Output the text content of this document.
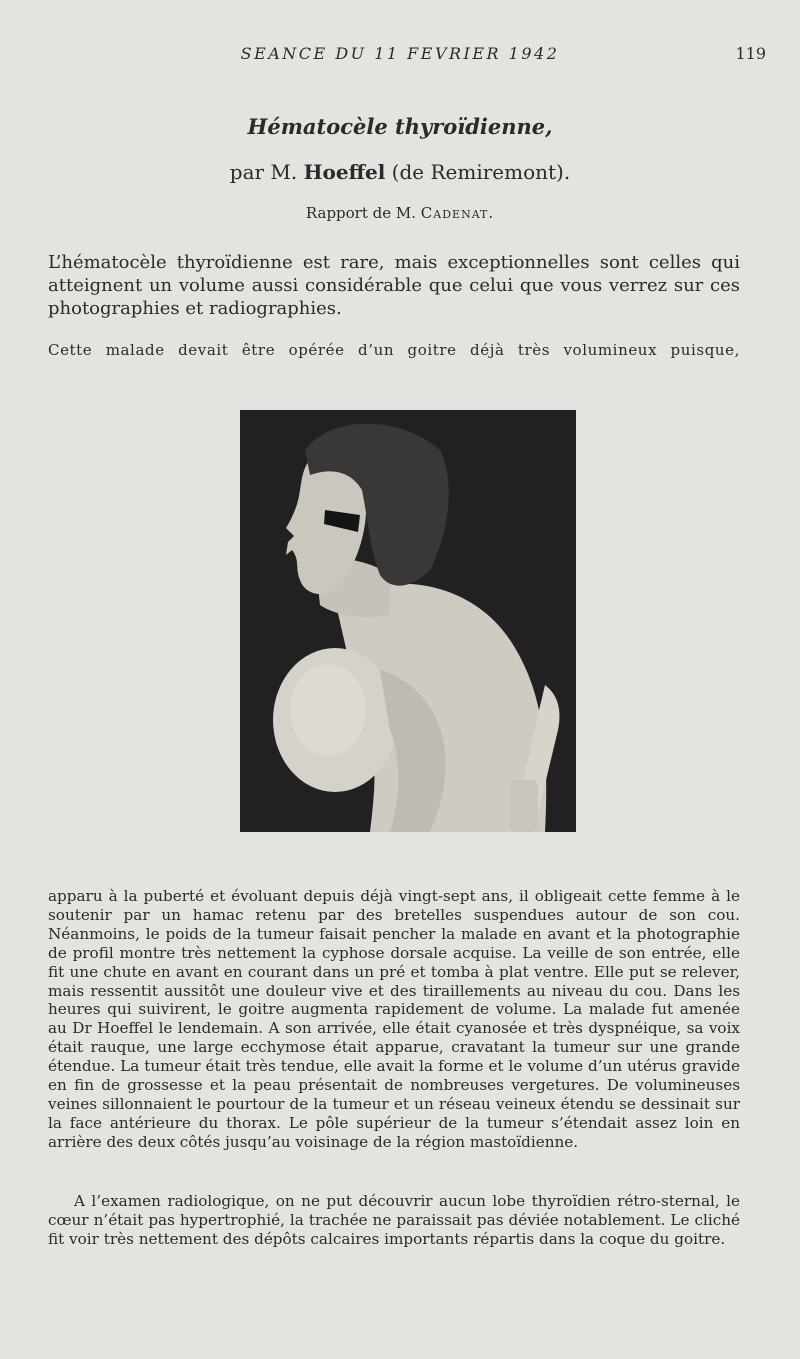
SEANCE DU 11 FEVRIER 1942	119
Hématocèle thyroïdienne,
par M. Hoeffel (de Remiremont).
Rapport de M. Cadenat.

L’hématocèle thyroïdienne est rare, mais exceptionnelles sont celles qui atteignent un volume aussi considérable que celui que vous verrez sur ces photographies et radiographies.

Cette malade devait être opérée d’un goitre déjà très volumineux puisque,

apparu à la puberté et évoluant depuis déjà vingt-sept ans, il obligeait cette femme à le soutenir par un hamac retenu par des bretelles suspendues autour de son cou. Néanmoins, le poids de la tumeur faisait pencher la malade en avant et la photographie de profil montre très nettement la cyphose dorsale acquise. La veille de son entrée, elle fit une chute en avant en courant dans un pré et tomba à plat ventre. Elle put se relever, mais ressentit aussitôt une douleur vive et des tiraillements au niveau du cou. Dans les heures qui suivirent, le goitre augmenta rapidement de volume. La malade fut amenée au Dr Hoeffel le lendemain. A son arrivée, elle était cyanosée et très dyspnéique, sa voix était rauque, une large ecchymose était apparue, cravatant la tumeur sur une grande étendue. La tumeur était très tendue, elle avait la forme et le volume d’un utérus gravide en fin de grossesse et la peau présentait de nombreuses vergetures. De volumineuses veines sillonnaient le pourtour de la tumeur et un réseau veineux étendu se dessinait sur la face antérieure du thorax. Le pôle supérieur de la tumeur s’étendait assez loin en arrière des deux côtés jusqu’au voisinage de la région mastoïdienne.

A l’examen radiologique, on ne put découvrir aucun lobe thyroïdien rétro-sternal, le cœur n’était pas hypertrophié, la trachée ne paraissait pas déviée notablement. Le cliché fit voir très nettement des dépôts calcaires importants répartis dans la coque du goitre.
